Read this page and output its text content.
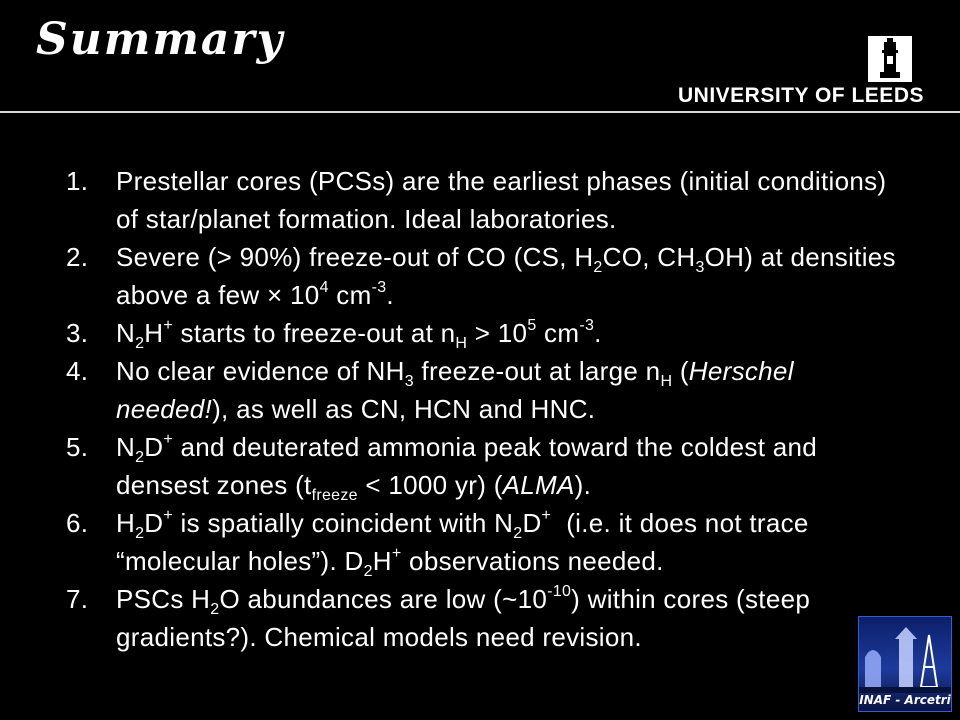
Summary
UNIVERSITY OF LEEDS
1. Prestellar cores (PCSs) are the earliest phases (initial conditions) of star/planet formation. Ideal laboratories.
2. Severe (> 90%) freeze-out of CO (CS, $H_2CO$, $CH_3OH$) at densities above a few × $10^4$ $cm^{-3}$.
3. $N_2H^+$ starts to freeze-out at $n_H > 10^5$ $cm^{-3}$.
4. No clear evidence of $NH_3$ freeze-out at large $n_H$ (Herschel needed!), as well as CN, HCN and HNC.
5. $N_2D^+$ and deuterated ammonia peak toward the coldest and densest zones ($t_{freeze} < 1000$ yr) (ALMA).
6. $H_2D^+$ is spatially coincident with $N_2D^+$  (i.e. it does not trace “molecular holes”). $D_2H^+$ observations needed.
7. PSCs $H_2O$ abundances are low $(\sim 10^{-10})$ within cores (steep gradients?). Chemical models need revision.
INAF - Arcetri
